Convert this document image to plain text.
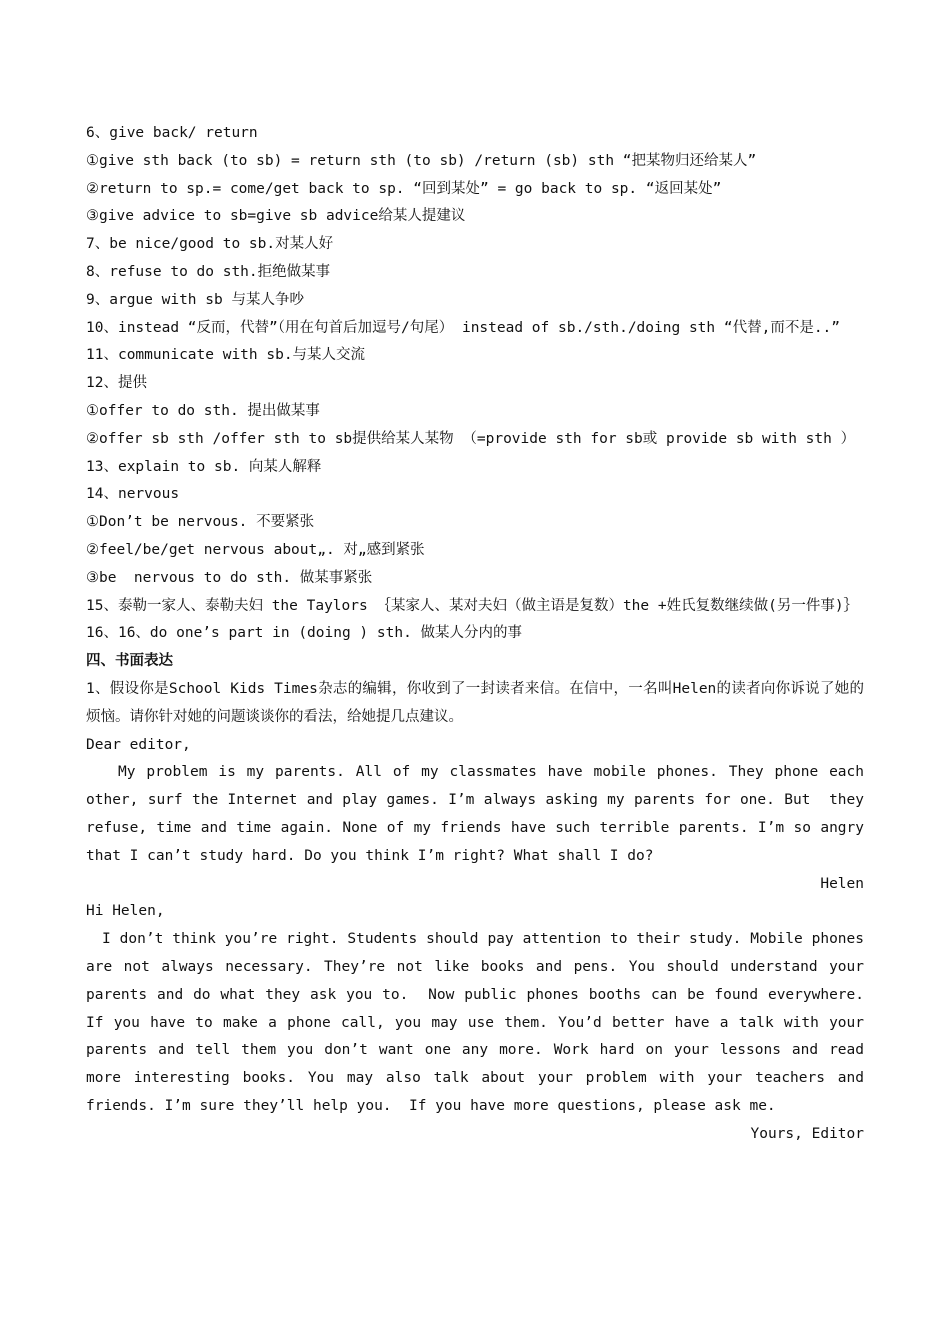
6、give back/ return

①give sth back (to sb) = return sth (to sb) /return (sb) sth “把某物归还给某人”

②return to sp.= come/get back to sp. “回到某处” = go back to sp. “返回某处”

③give advice to sb=give sb advice给某人提建议

7、be nice/good to sb.对某人好

8、refuse to do sth.拒绝做某事

9、argue with sb 与某人争吵

10、instead “反而，代替”（用在句首后加逗号/句尾） instead of sb./sth./doing sth “代替,而不是..”

11、communicate with sb.与某人交流

12、提供

①offer to do sth. 提出做某事

②offer sb sth /offer sth to sb提供给某人某物 （=provide sth for sb或 provide sb with sth ）

13、explain to sb. 向某人解释

14、nervous

①Don’t be nervous. 不要紧张

②feel/be/get nervous about„. 对„感到紧张

③be  nervous to do sth. 做某事紧张

15、泰勒一家人、泰勒夫妇 the Taylors ｛某家人、某对夫妇（做主语是复数）the +姓氏复数继续做(另一件事)｝

16、16、do one’s part in (doing ) sth. 做某人分内的事

四、书面表达

1、假设你是School Kids Times杂志的编辑，你收到了一封读者来信。在信中，一名叫Helen的读者向你诉说了她的烦恼。请你针对她的问题谈谈你的看法，给她提几点建议。

Dear editor,

My problem is my parents. All of my classmates have mobile phones. They phone each other, surf the Internet and play games. I’m always asking my parents for one. But  they refuse, time and time again. None of my friends have such terrible parents. I’m so angry that I can’t study hard. Do you think I’m right? What shall I do?

Helen

Hi Helen,

I don’t think you’re right. Students should pay attention to their study. Mobile phones are not always necessary. They’re not like books and pens. You should understand your parents and do what they ask you to.  Now public phones booths can be found everywhere. If you have to make a phone call, you may use them. You’d better have a talk with your parents and tell them you don’t want one any more. Work hard on your lessons and read more interesting books. You may also talk about your problem with your teachers and friends. I’m sure they’ll help you.  If you have more questions, please ask me.

Yours, Editor
